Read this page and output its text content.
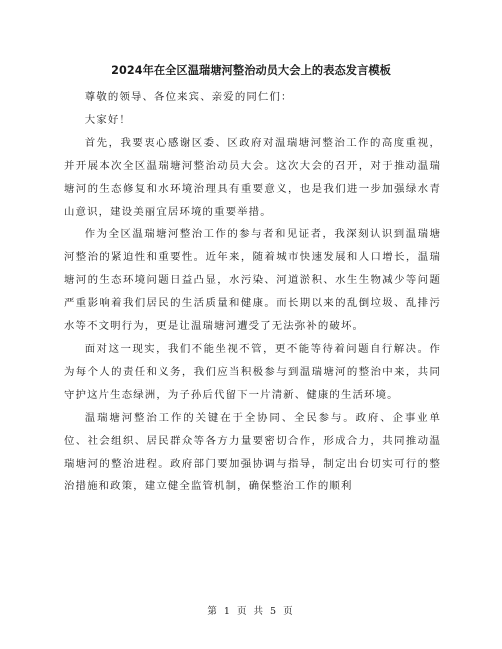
2024年在全区温瑞塘河整治动员大会上的表态发言模板

尊敬的领导、各位来宾、亲爱的同仁们：

大家好！

首先，我要衷心感谢区委、区政府对温瑞塘河整治工作的高度重视，并开展本次全区温瑞塘河整治动员大会。这次大会的召开，对于推动温瑞塘河的生态修复和水环境治理具有重要意义，也是我们进一步加强绿水青山意识，建设美丽宜居环境的重要举措。

作为全区温瑞塘河整治工作的参与者和见证者，我深刻认识到温瑞塘河整治的紧迫性和重要性。近年来，随着城市快速发展和人口增长，温瑞塘河的生态环境问题日益凸显，水污染、河道淤积、水生生物减少等问题严重影响着我们居民的生活质量和健康。而长期以来的乱倒垃圾、乱排污水等不文明行为，更是让温瑞塘河遭受了无法弥补的破坏。

面对这一现实，我们不能坐视不管，更不能等待着问题自行解决。作为每个人的责任和义务，我们应当积极参与到温瑞塘河的整治中来，共同守护这片生态绿洲，为子孙后代留下一片清新、健康的生活环境。

温瑞塘河整治工作的关键在于全协同、全民参与。政府、企事业单位、社会组织、居民群众等各方力量要密切合作，形成合力，共同推动温瑞塘河的整治进程。政府部门要加强协调与指导，制定出台切实可行的整治措施和政策，建立健全监管机制，确保整治工作的顺利

第 1 页 共 5 页
